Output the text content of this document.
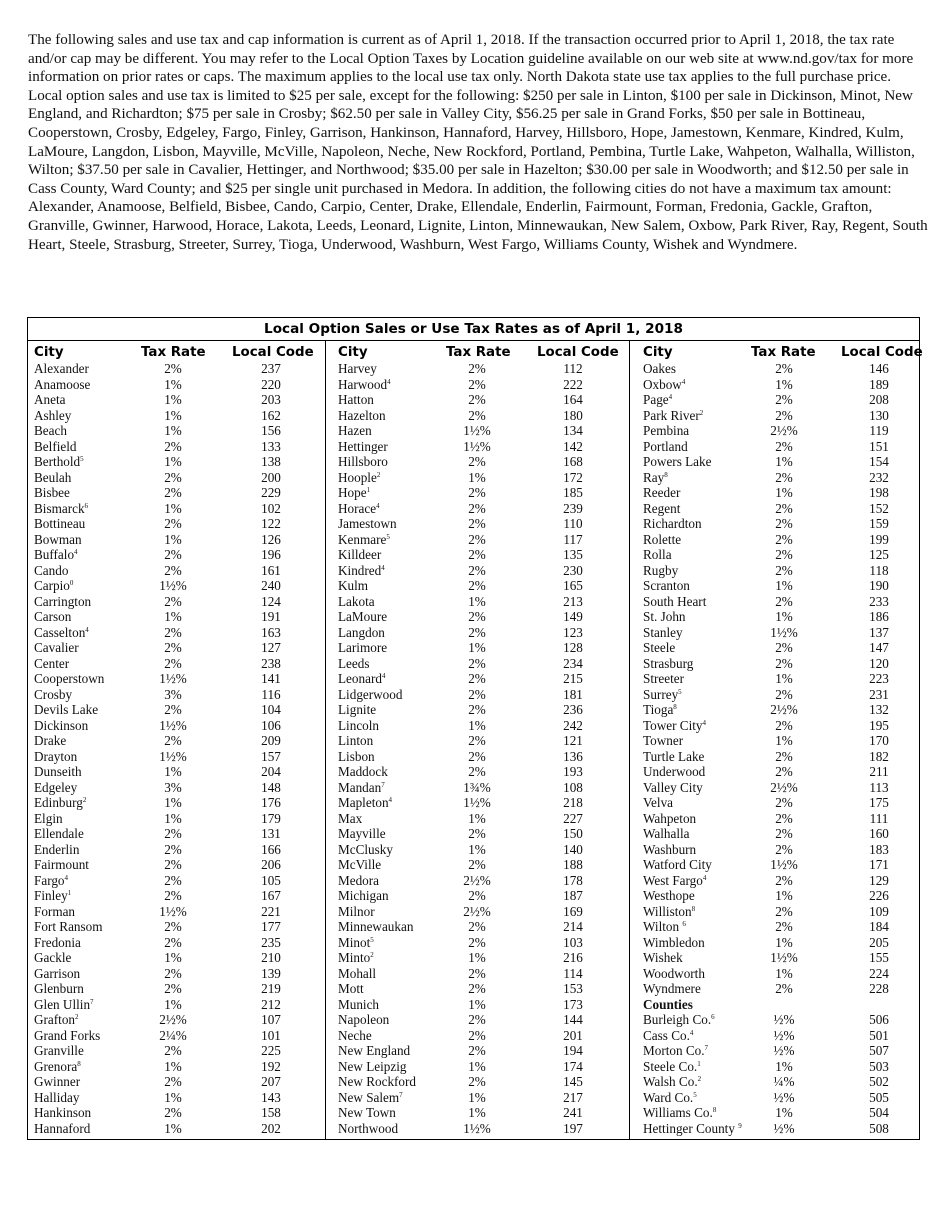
The following sales and use tax and cap information is current as of April 1, 2018. If the transaction occurred prior to April 1, 2018, the tax rate and/or cap may be different. You may refer to the Local Option Taxes by Location guideline available on our web site at www.nd.gov/tax for more information on prior rates or caps. The maximum applies to the local use tax only. North Dakota state use tax applies to the full purchase price. Local option sales and use tax is limited to $25 per sale, except for the following: $250 per sale in Linton, $100 per sale in Dickinson, Minot, New England, and Richardton; $75 per sale in Crosby; $62.50 per sale in Valley City, $56.25 per sale in Grand Forks, $50 per sale in Bottineau, Cooperstown, Crosby, Edgeley, Fargo, Finley, Garrison, Hankinson, Hannaford, Harvey, Hillsboro, Hope, Jamestown, Kenmare, Kindred, Kulm, LaMoure, Langdon, Lisbon, Mayville, McVille, Napoleon, Neche, New Rockford, Portland, Pembina, Turtle Lake, Wahpeton, Walhalla, Williston, Wilton; $37.50 per sale in Cavalier, Hettinger, and Northwood; $35.00 per sale in Hazelton; $30.00 per sale in Woodworth; and $12.50 per sale in Cass County, Ward County; and $25 per single unit purchased in Medora. In addition, the following cities do not have a maximum tax amount: Alexander, Anamoose, Belfield, Bisbee, Cando, Carpio, Center, Drake, Ellendale, Enderlin, Fairmount, Forman, Fredonia, Gackle, Grafton, Granville, Gwinner, Harwood, Horace, Lakota, Leeds, Leonard, Lignite, Linton, Minnewaukan, New Salem, Oxbow, Park River, Ray, Regent, South Heart, Steele, Strasburg, Streeter, Surrey, Tioga, Underwood, Washburn, West Fargo, Williams County, Wishek and Wyndmere.

Local Option Sales or Use Tax Rates as of April 1, 2018
City	Tax Rate Local Code
Alexander	2%	237
Anamoose	1%	220
Aneta	1%	203
Ashley	1%	162
Beach	1%	156
Belfield	2%	133
Berthold$^5$	1%	138
Beulah	2%	200
Bisbee	2%	229
Bismarck$^6$	1%	102
Bottineau	2%	122
Bowman	1%	126
Buffalo$^4$	2%	196
Cando	2%	161
Carpio$^0$	1½%	240
Carrington	2%	124
Carson	1%	191
Casselton$^4$	2%	163
Cavalier	2%	127
Center	2%	238
Cooperstown	1½%	141
Crosby	3%	116
Devils Lake	2%	104
Dickinson	1½%	106
Drake	2%	209
Drayton	1½%	157
Dunseith	1%	204
Edgeley	3%	148
Edinburg$^2$	1%	176
Elgin	1%	179
Ellendale	2%	131
Enderlin	2%	166
Fairmount	2%	206
Fargo$^4$	2%	105
Finley$^1$	2%	167
Forman	1½%	221
Fort Ransom	2%	177
Fredonia	2%	235
Gackle	1%	210
Garrison	2%	139
Glenburn	2%	219
Glen Ullin$^7$	1%	212
Grafton$^2$	2½%	107
Grand Forks	2¼%	101
Granville	2%	225
Grenora$^8$	1%	192
Gwinner	2%	207
Halliday	1%	143
Hankinson	2%	158
Hannaford	1%	202
City	Tax Rate Local Code
Harvey	2%	112
Harwood$^4$	2%	222
Hatton	2%	164
Hazelton	2%	180
Hazen	1½%	134
Hettinger	1½%	142
Hillsboro	2%	168
Hoople$^2$	1%	172
Hope$^1$	2%	185
Horace$^4$	2%	239
Jamestown	2%	110
Kenmare$^5$	2%	117
Killdeer	2%	135
Kindred$^4$	2%	230
Kulm	2%	165
Lakota	1%	213
LaMoure	2%	149
Langdon	2%	123
Larimore	1%	128
Leeds	2%	234
Leonard$^4$	2%	215
Lidgerwood	2%	181
Lignite	2%	236
Lincoln	1%	242
Linton	2%	121
Lisbon	2%	136
Maddock	2%	193
Mandan$^7$	1¾%	108
Mapleton$^4$	1½%	218
Max	1%	227
Mayville	2%	150
McClusky	1%	140
McVille	2%	188
Medora	2½%	178
Michigan	2%	187
Milnor	2½%	169
Minnewaukan	2%	214
Minot$^5$	2%	103
Minto$^2$	1%	216
Mohall	2%	114
Mott	2%	153
Munich	1%	173
Napoleon	2%	144
Neche	2%	201
New England	2%	194
New Leipzig	1%	174
New Rockford	2%	145
New Salem$^7$	1%	217
New Town	1%	241
Northwood	1½%	197
City	Tax Rate Local Code
Oakes	2%	146
Oxbow$^4$	1%	189
Page$^4$	2%	208
Park River$^2$	2%	130
Pembina	2½%	119
Portland	2%	151
Powers Lake	1%	154
Ray$^8$	2%	232
Reeder	1%	198
Regent	2%	152
Richardton	2%	159
Rolette	2%	199
Rolla	2%	125
Rugby	2%	118
Scranton	1%	190
South Heart	2%	233
St. John	1%	186
Stanley	1½%	137
Steele	2%	147
Strasburg	2%	120
Streeter	1%	223
Surrey$^5$	2%	231
Tioga$^8$	2½%	132
Tower City$^4$	2%	195
Towner	1%	170
Turtle Lake	2%	182
Underwood	2%	211
Valley City	2½%	113
Velva	2%	175
Wahpeton	2%	111
Walhalla	2%	160
Washburn	2%	183
Watford City	1½%	171
West Fargo$^4$	2%	129
Westhope	1%	226
Williston$^8$	2%	109
Wilton $^6$	2%	184
Wimbledon	1%	205
Wishek	1½%	155
Woodworth	1%	224
Wyndmere	2%	228
Counties
Burleigh Co.$^6$	½%	506
Cass Co.$^4$	½%	501
Morton Co.$^7$	½%	507
Steele Co.$^1$	1%	503
Walsh Co.$^2$	¼%	502
Ward Co.$^5$	½%	505
Williams Co.$^8$	1%	504
Hettinger County $^9$	½%	508
